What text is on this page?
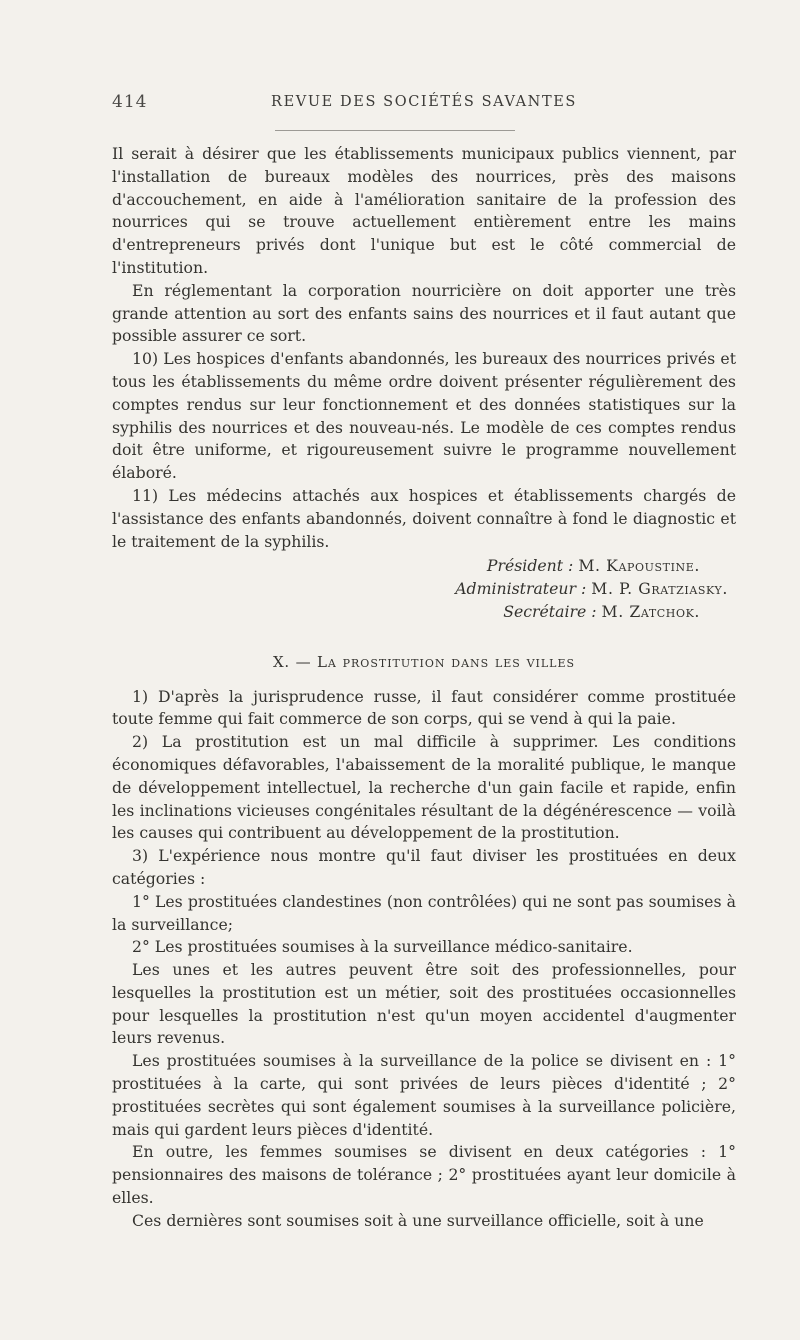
414	REVUE DES SOCIÉTÉS SAVANTES

Il serait à désirer que les établissements municipaux publics viennent, par l'installation de bureaux modèles des nourrices, près des maisons d'accouchement, en aide à l'amélioration sanitaire de la profession des nourrices qui se trouve actuellement entièrement entre les mains d'entrepreneurs privés dont l'unique but est le côté commercial de l'institution.

En réglementant la corporation nourricière on doit apporter une très grande attention au sort des enfants sains des nourrices et il faut autant que possible assurer ce sort.

10) Les hospices d'enfants abandonnés, les bureaux des nourrices privés et tous les établissements du même ordre doivent présenter régulièrement des comptes rendus sur leur fonctionnement et des données statistiques sur la syphilis des nourrices et des nouveau-nés. Le modèle de ces comptes rendus doit être uniforme, et rigoureusement suivre le programme nouvellement élaboré.

11) Les médecins attachés aux hospices et établissements chargés de l'assistance des enfants abandonnés, doivent connaître à fond le diagnostic et le traitement de la syphilis.

Président : M. Kapoustine.
Administrateur : M. P. Gratziasky.
Secrétaire : M. Zatchok.
X. — La prostitution dans les villes

1) D'après la jurisprudence russe, il faut considérer comme prostituée toute femme qui fait commerce de son corps, qui se vend à qui la paie.

2) La prostitution est un mal difficile à supprimer. Les conditions économiques défavorables, l'abaissement de la moralité publique, le manque de développement intellectuel, la recherche d'un gain facile et rapide, enfin les inclinations vicieuses congénitales résultant de la dégénérescence — voilà les causes qui contribuent au développement de la prostitution.

3) L'expérience nous montre qu'il faut diviser les prostituées en deux catégories :

1° Les prostituées clandestines (non contrôlées) qui ne sont pas soumises à la surveillance;

2° Les prostituées soumises à la surveillance médico-sanitaire.

Les unes et les autres peuvent être soit des professionnelles, pour lesquelles la prostitution est un métier, soit des prostituées occasionnelles pour lesquelles la prostitution n'est qu'un moyen accidentel d'augmenter leurs revenus.

Les prostituées soumises à la surveillance de la police se divisent en : 1° prostituées à la carte, qui sont privées de leurs pièces d'identité ; 2° prostituées secrètes qui sont également soumises à la surveillance policière, mais qui gardent leurs pièces d'identité.

En outre, les femmes soumises se divisent en deux catégories : 1° pensionnaires des maisons de tolérance ; 2° prostituées ayant leur domicile à elles.

Ces dernières sont soumises soit à une surveillance officielle, soit à une
